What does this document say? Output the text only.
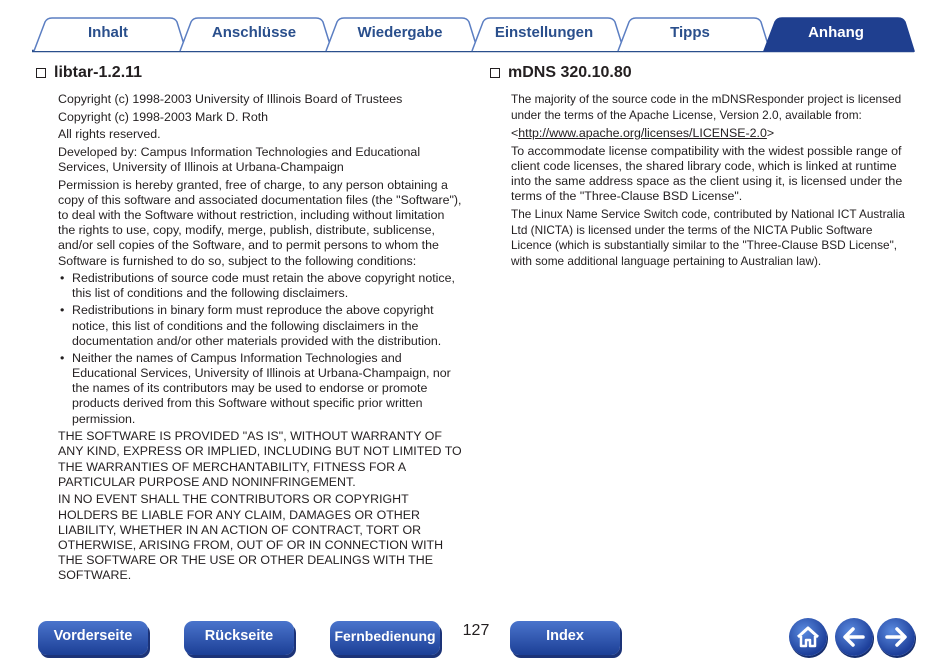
Inhalt	Anschlüsse	Wiedergabe	Einstellungen	Tipps	Anhang
libtar-1.2.11

Copyright (c) 1998-2003 University of Illinois Board of Trustees

Copyright (c) 1998-2003 Mark D. Roth

All rights reserved.

Developed by: Campus Information Technologies and Educational Services, University of Illinois at Urbana-Champaign

Permission is hereby granted, free of charge, to any person obtaining a copy of this software and associated documentation files (the "Software"), to deal with the Software without restriction, including without limitation the rights to use, copy, modify, merge, publish, distribute, sublicense, and/or sell copies of the Software, and to permit persons to whom the Software is furnished to do so, subject to the following conditions:

• Redistributions of source code must retain the above copyright notice, this list of conditions and the following disclaimers.
• Redistributions in binary form must reproduce the above copyright notice, this list of conditions and the following disclaimers in the documentation and/or other materials provided with the distribution.
• Neither the names of Campus Information Technologies and Educational Services, University of Illinois at Urbana-Champaign, nor the names of its contributors may be used to endorse or promote products derived from this Software without specific prior written permission.

THE SOFTWARE IS PROVIDED "AS IS", WITHOUT WARRANTY OF ANY KIND, EXPRESS OR IMPLIED, INCLUDING BUT NOT LIMITED TO THE WARRANTIES OF MERCHANTABILITY, FITNESS FOR A PARTICULAR PURPOSE AND NONINFRINGEMENT.

IN NO EVENT SHALL THE CONTRIBUTORS OR COPYRIGHT HOLDERS BE LIABLE FOR ANY CLAIM, DAMAGES OR OTHER LIABILITY, WHETHER IN AN ACTION OF CONTRACT, TORT OR OTHERWISE, ARISING FROM, OUT OF OR IN CONNECTION WITH THE SOFTWARE OR THE USE OR OTHER DEALINGS WITH THE SOFTWARE.

mDNS 320.10.80

The majority of the source code in the mDNSResponder project is licensed under the terms of the Apache License, Version 2.0, available from:

<http://www.apache.org/licenses/LICENSE-2.0>

To accommodate license compatibility with the widest possible range of client code licenses, the shared library code, which is linked at runtime into the same address space as the client using it, is licensed under the terms of the "Three-Clause BSD License".

The Linux Name Service Switch code, contributed by National ICT Australia Ltd (NICTA) is licensed under the terms of the NICTA Public Software Licence (which is substantially similar to the "Three-Clause BSD License", with some additional language pertaining to Australian law).

Vorderseite	Rückseite	Fernbedienung	127	Index
